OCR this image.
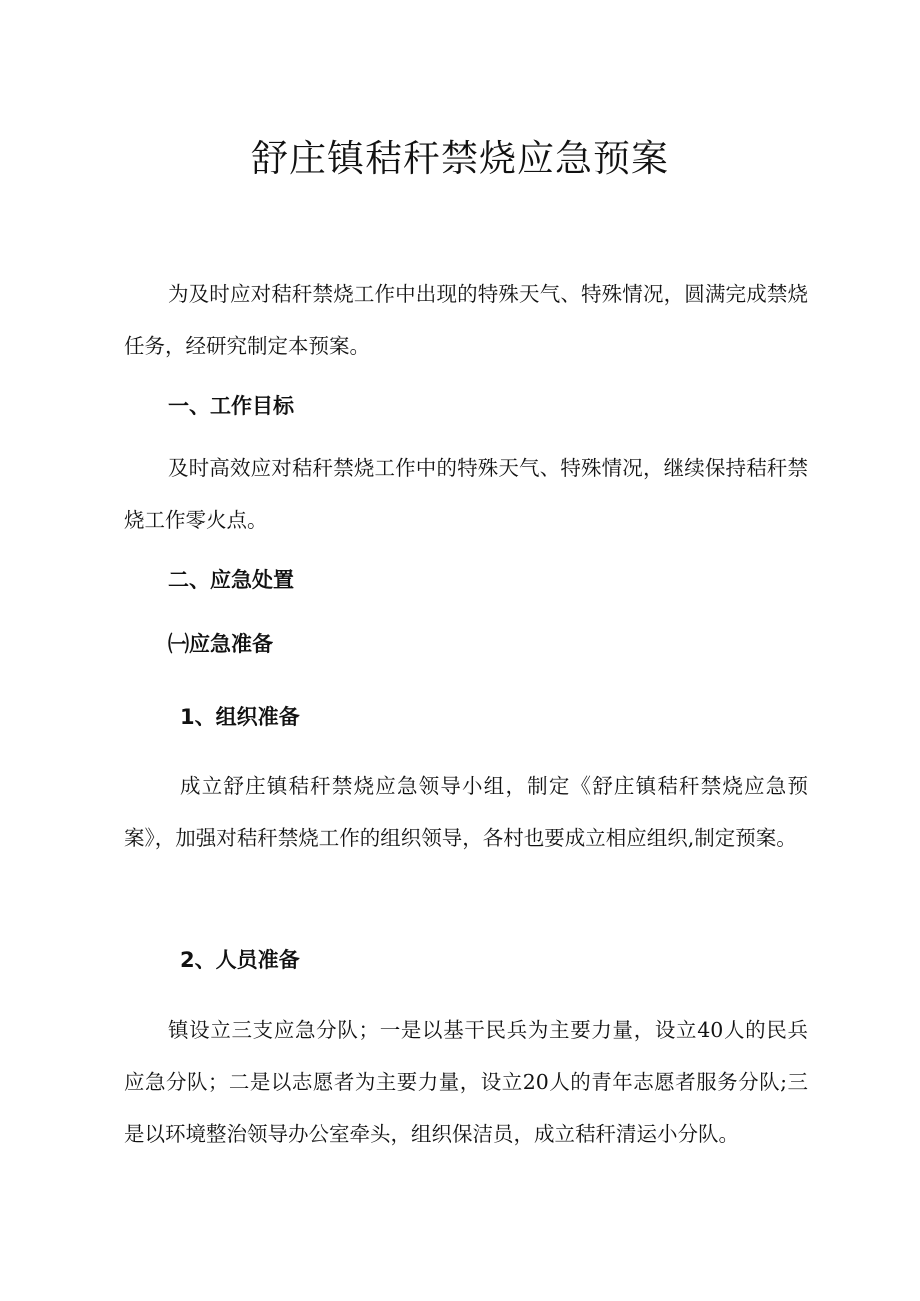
舒庄镇秸秆禁烧应急预案
为及时应对秸秆禁烧工作中出现的特殊天气、特殊情况，圆满完成禁烧任务，经研究制定本预案。
一、工作目标
及时高效应对秸秆禁烧工作中的特殊天气、特殊情况，继续保持秸秆禁烧工作零火点。
二、应急处置
㈠应急准备
1、组织准备
成立舒庄镇秸秆禁烧应急领导小组，制定《舒庄镇秸秆禁烧应急预案》，加强对秸秆禁烧工作的组织领导，各村也要成立相应组织,制定预案。
2、人员准备
镇设立三支应急分队；一是以基干民兵为主要力量，设立40人的民兵应急分队；二是以志愿者为主要力量，设立20人的青年志愿者服务分队;三是以环境整治领导办公室牵头，组织保洁员，成立秸秆清运小分队。
